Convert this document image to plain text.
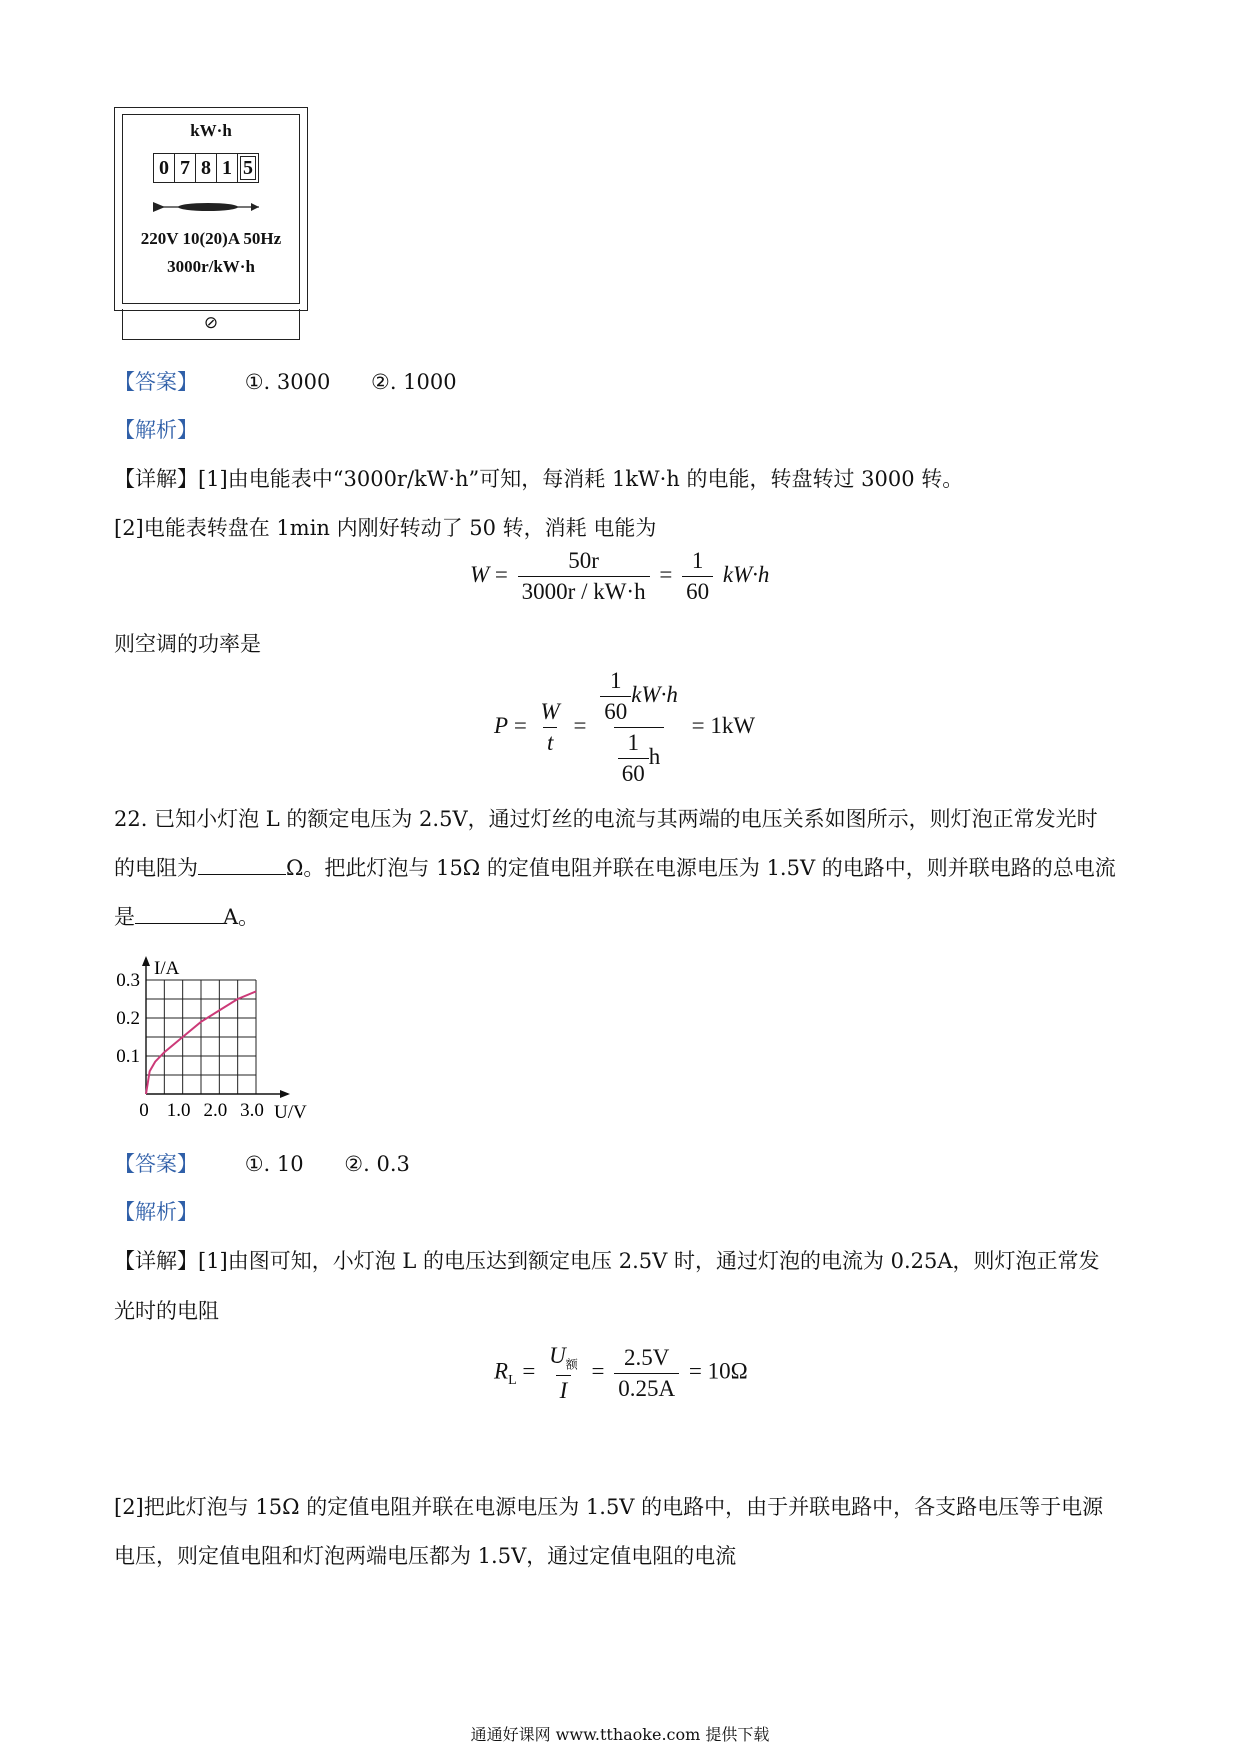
kW·h
0 7 8 1 5
220V 10(20)A 50Hz
3000r/kW·h
⊘
【答案】 ①. 3000 ②. 1000
【解析】
【详解】[1]由电能表中“3000r/kW·h”可知，每消耗 1kW·h 的电能，转盘转过 3000 转。
[2]电能表转盘在 1min 内刚好转动了 50 转，消耗 电能为
$W = \frac{50r}{3000r / kW\cdot h} = \frac{1}{60} kW\cdot h$
则空调的功率是
$P = \frac{W}{t} = \frac{\frac{1}{60} kW\cdot h}{\frac{1}{60} h} = 1kW$
22. 已知小灯泡 L 的额定电压为 2.5V，通过灯丝的电流与其两端的电压关系如图所示，则灯泡正常发光时
的电阻为	Ω。把此灯泡与 15Ω 的定值电阻并联在电源电压为 1.5V 的电路中，则并联电路的总电流
是	A。
0 1.0 2.0 3.0
0.1
0.2
0.3
U/V
I/A
【答案】 ①. 10 ②. 0.3
【解析】
【详解】[1]由图可知，小灯泡 L 的电压达到额定电压 2.5V 时，通过灯泡的电流为 0.25A，则灯泡正常发
光时的电阻
$R_L = \frac{U_额}{I} = \frac{2.5V}{0.25A} = 10\Omega$
[2]把此灯泡与 15Ω 的定值电阻并联在电源电压为 1.5V 的电路中，由于并联电路中，各支路电压等于电源
电压，则定值电阻和灯泡两端电压都为 1.5V，通过定值电阻的电流
通通好课网 www.tthaoke.com 提供下载
